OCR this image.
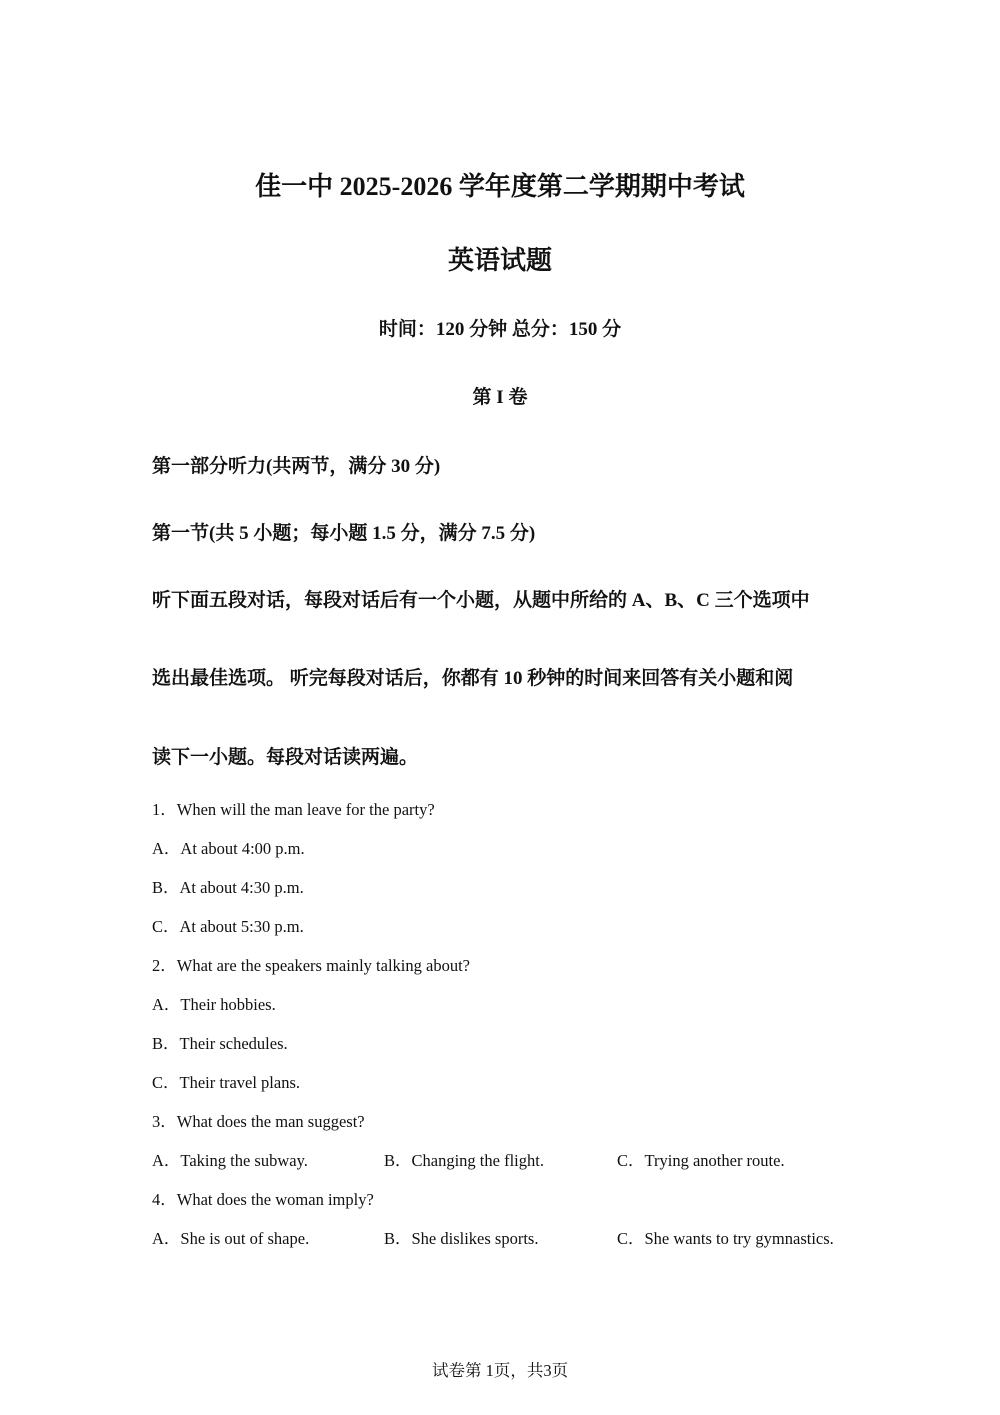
佳一中 2025-2026 学年度第二学期期中考试
英语试题
时间：120 分钟 总分：150 分
第 I 卷
第一部分听力(共两节，满分 30 分)
第一节(共 5 小题；每小题 1.5 分，满分 7.5 分)
听下面五段对话，每段对话后有一个小题，从题中所给的 A、B、C 三个选项中
选出最佳选项。 听完每段对话后，你都有 10 秒钟的时间来回答有关小题和阅
读下一小题。每段对话读两遍。
1．When will the man leave for the party?
A．At about 4:00 p.m.
B．At about 4:30 p.m.
C．At about 5:30 p.m.
2．What are the speakers mainly talking about?
A．Their hobbies.
B．Their schedules.
C．Their travel plans.
3．What does the man suggest?
A．Taking the subway.	B．Changing the flight.	C．Trying another route.
4．What does the woman imply?
A．She is out of shape.	B．She dislikes sports.	C．She wants to try gymnastics.
试卷第 1页，共3页
